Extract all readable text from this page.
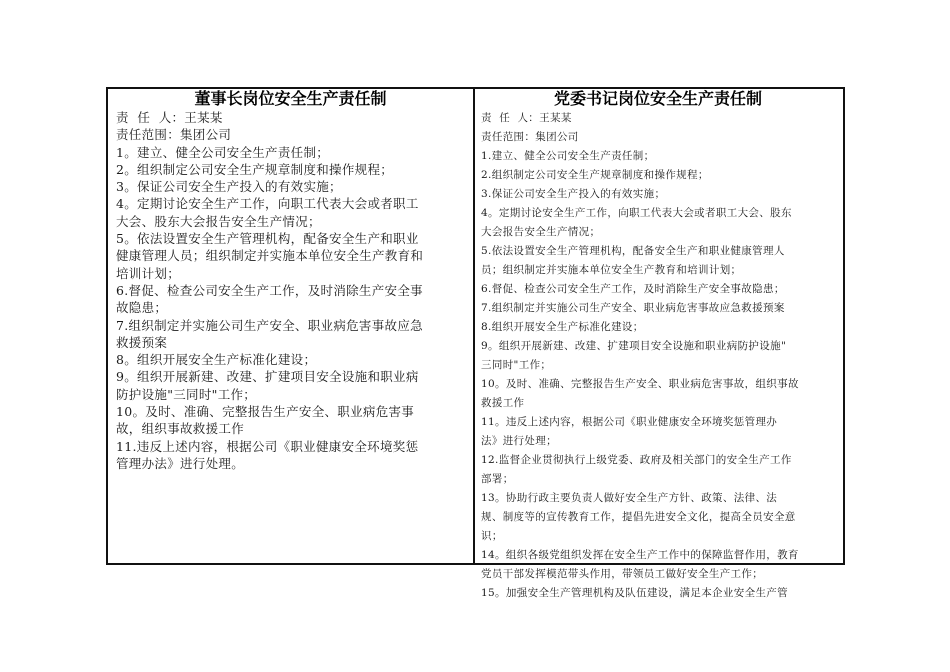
董事长岗位安全生产责任制
责  任  人：王某某
责任范围：集团公司
1。建立、健全公司安全生产责任制；
2。组织制定公司安全生产规章制度和操作规程；
3。保证公司安全生产投入的有效实施；
4。定期讨论安全生产工作，向职工代表大会或者职工
大会、股东大会报告安全生产情况；
5。依法设置安全生产管理机构，配备安全生产和职业
健康管理人员；组织制定并实施本单位安全生产教育和
培训计划；
6.督促、检查公司安全生产工作，及时消除生产安全事
故隐患；
7.组织制定并实施公司生产安全、职业病危害事故应急
救援预案
8。组织开展安全生产标准化建设；
9。组织开展新建、改建、扩建项目安全设施和职业病
防护设施"三同时"工作；
10。及时、准确、完整报告生产安全、职业病危害事
故，组织事故救援工作
11.违反上述内容，根据公司《职业健康安全环境奖惩
管理办法》进行处理。
党委书记岗位安全生产责任制
责  任  人：王某某
责任范围：集团公司
1.建立、健全公司安全生产责任制；
2.组织制定公司安全生产规章制度和操作规程；
3.保证公司安全生产投入的有效实施；
4。定期讨论安全生产工作，向职工代表大会或者职工大会、股东
大会报告安全生产情况；
5.依法设置安全生产管理机构，配备安全生产和职业健康管理人
员；组织制定并实施本单位安全生产教育和培训计划；
6.督促、检查公司安全生产工作，及时消除生产安全事故隐患；
7.组织制定并实施公司生产安全、职业病危害事故应急救援预案
8.组织开展安全生产标准化建设；
9。组织开展新建、改建、扩建项目安全设施和职业病防护设施"
三同时"工作；
10。及时、准确、完整报告生产安全、职业病危害事故，组织事故
救援工作
11。违反上述内容，根据公司《职业健康安全环境奖惩管理办
法》进行处理；
12.监督企业贯彻执行上级党委、政府及相关部门的安全生产工作
部署；
13。协助行政主要负责人做好安全生产方针、政策、法律、法
规、制度等的宣传教育工作，提倡先进安全文化，提高全员安全意
识；
14。组织各级党组织发挥在安全生产工作中的保障监督作用，教育
党员干部发挥模范带头作用，带领员工做好安全生产工作；
15。加强安全生产管理机构及队伍建设，满足本企业安全生产管
